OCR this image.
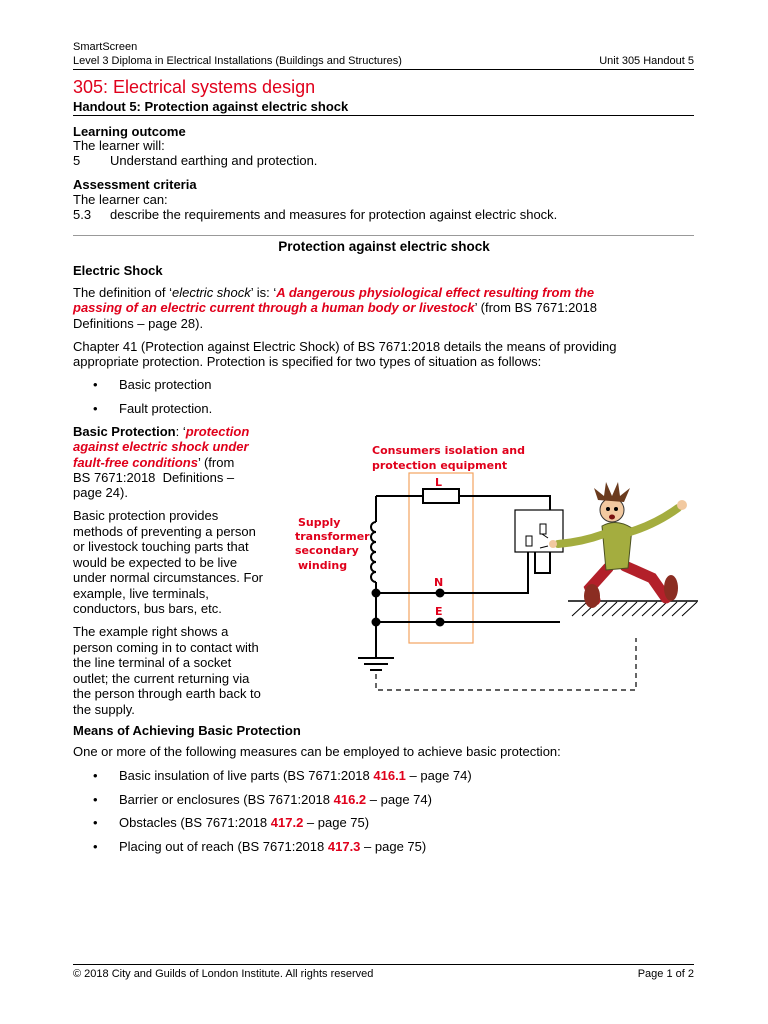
SmartScreen
Level 3 Diploma in Electrical Installations (Buildings and Structures)	Unit 305 Handout 5
305: Electrical systems design
Handout 5: Protection against electric shock
Learning outcome
The learner will:
5 Understand earthing and protection.
Assessment criteria
The learner can:
5.3 describe the requirements and measures for protection against electric shock.
Protection against electric shock
Electric Shock
The definition of ‘electric shock’ is: ‘A dangerous physiological effect resulting from the
passing of an electric current through a human body or livestock’ (from BS 7671:2018
Definitions – page 28).
Chapter 41 (Protection against Electric Shock) of BS 7671:2018 details the means of providing
appropriate protection. Protection is specified for two types of situation as follows:
• Basic protection
• Fault protection.
Basic Protection: ‘protection
against electric shock under
fault-free conditions’ (from
BS 7671:2018  Definitions –
page 24).
Basic protection provides
methods of preventing a person
or livestock touching parts that
would be expected to be live
under normal circumstances. For
example, live terminals,
conductors, bus bars, etc.
The example right shows a
person coming in to contact with
the line terminal of a socket
outlet; the current returning via
the person through earth back to
the supply.
Consumers isolation and
protection equipment
Supply
transformer
secondary
winding
L
N
E
Means of Achieving Basic Protection
One or more of the following measures can be employed to achieve basic protection:
• Basic insulation of live parts (BS 7671:2018 416.1 – page 74)
• Barrier or enclosures (BS 7671:2018 416.2 – page 74)
• Obstacles (BS 7671:2018 417.2 – page 75)
• Placing out of reach (BS 7671:2018 417.3 – page 75)
© 2018 City and Guilds of London Institute. All rights reserved	Page 1 of 2
